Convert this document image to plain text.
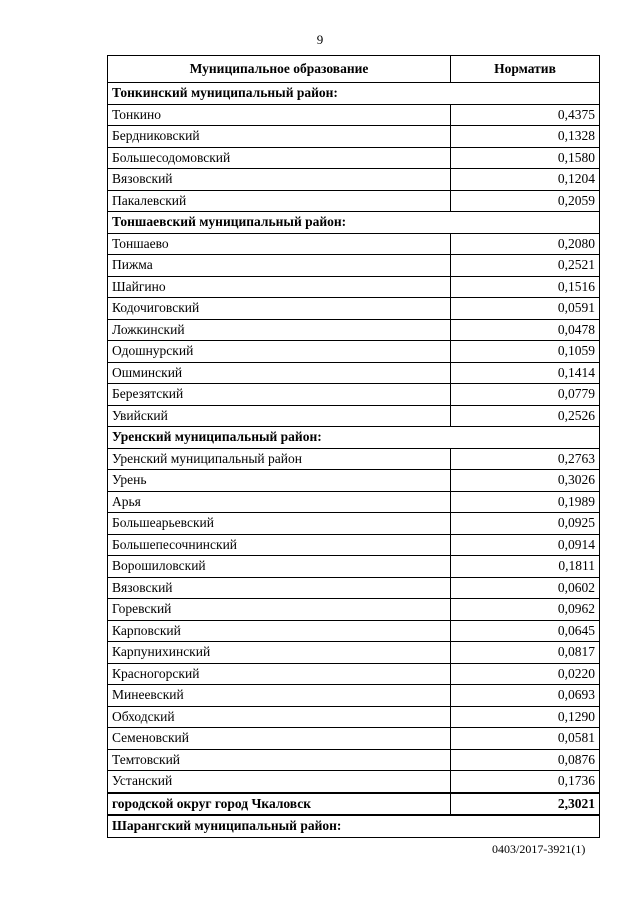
9
Муниципальное образование	Норматив
Тонкинский муниципальный район:	
Тонкино	0,4375
Бердниковский	0,1328
Большесодомовский	0,1580
Вязовский	0,1204
Пакалевский	0,2059
Тоншаевский муниципальный район:	
Тоншаево	0,2080
Пижма	0,2521
Шайгино	0,1516
Кодочиговский	0,0591
Ложкинский	0,0478
Одошнурский	0,1059
Ошминский	0,1414
Березятский	0,0779
Увийский	0,2526
Уренский муниципальный район:	
Уренский муниципальный район	0,2763
Урень	0,3026
Арья	0,1989
Большеарьевский	0,0925
Большепесочнинский	0,0914
Ворошиловский	0,1811
Вязовский	0,0602
Горевский	0,0962
Карповский	0,0645
Карпунихинский	0,0817
Красногорский	0,0220
Минеевский	0,0693
Обходский	0,1290
Семеновский	0,0581
Темтовский	0,0876
Устанский	0,1736
городской округ город Чкаловск	2,3021
Шарангский муниципальный район:	
0403/2017-3921(1)
